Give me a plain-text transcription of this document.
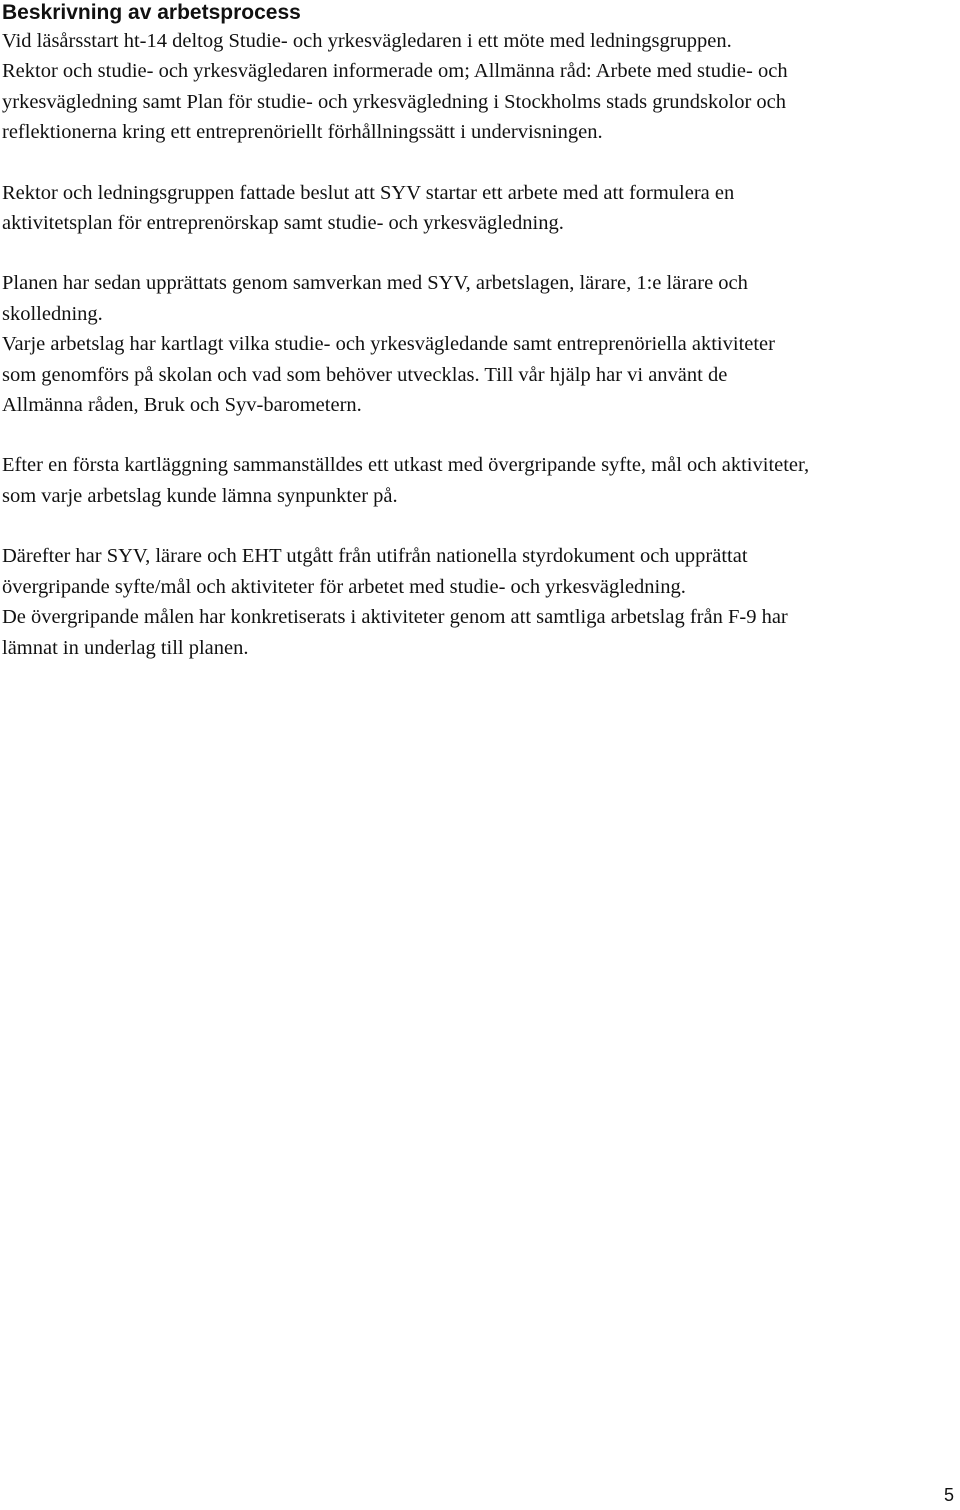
Beskrivning av arbetsprocess

Vid läsårsstart ht-14 deltog Studie- och yrkesvägledaren i ett möte med ledningsgruppen.
Rektor och studie- och yrkesvägledaren informerade om; Allmänna råd: Arbete med studie- och
yrkesvägledning samt Plan för studie- och yrkesvägledning i Stockholms stads grundskolor och
reflektionerna kring ett entreprenöriellt förhållningssätt i undervisningen.

Rektor och ledningsgruppen fattade beslut att SYV startar ett arbete med att formulera en
aktivitetsplan för entreprenörskap samt studie- och yrkesvägledning.

Planen har sedan upprättats genom samverkan med SYV, arbetslagen, lärare, 1:e lärare och
skolledning.
Varje arbetslag har kartlagt vilka studie- och yrkesvägledande samt entreprenöriella aktiviteter
som genomförs på skolan och vad som behöver utvecklas. Till vår hjälp har vi använt de
Allmänna råden, Bruk och Syv-barometern.

Efter en första kartläggning sammanställdes ett utkast med övergripande syfte, mål och aktiviteter,
som varje arbetslag kunde lämna synpunkter på.

Därefter har SYV, lärare och EHT utgått från utifrån nationella styrdokument och upprättat
övergripande syfte/mål och aktiviteter för arbetet med studie- och yrkesvägledning.
De övergripande målen har konkretiserats i aktiviteter genom att samtliga arbetslag från F-9 har
lämnat in underlag till planen.

5
